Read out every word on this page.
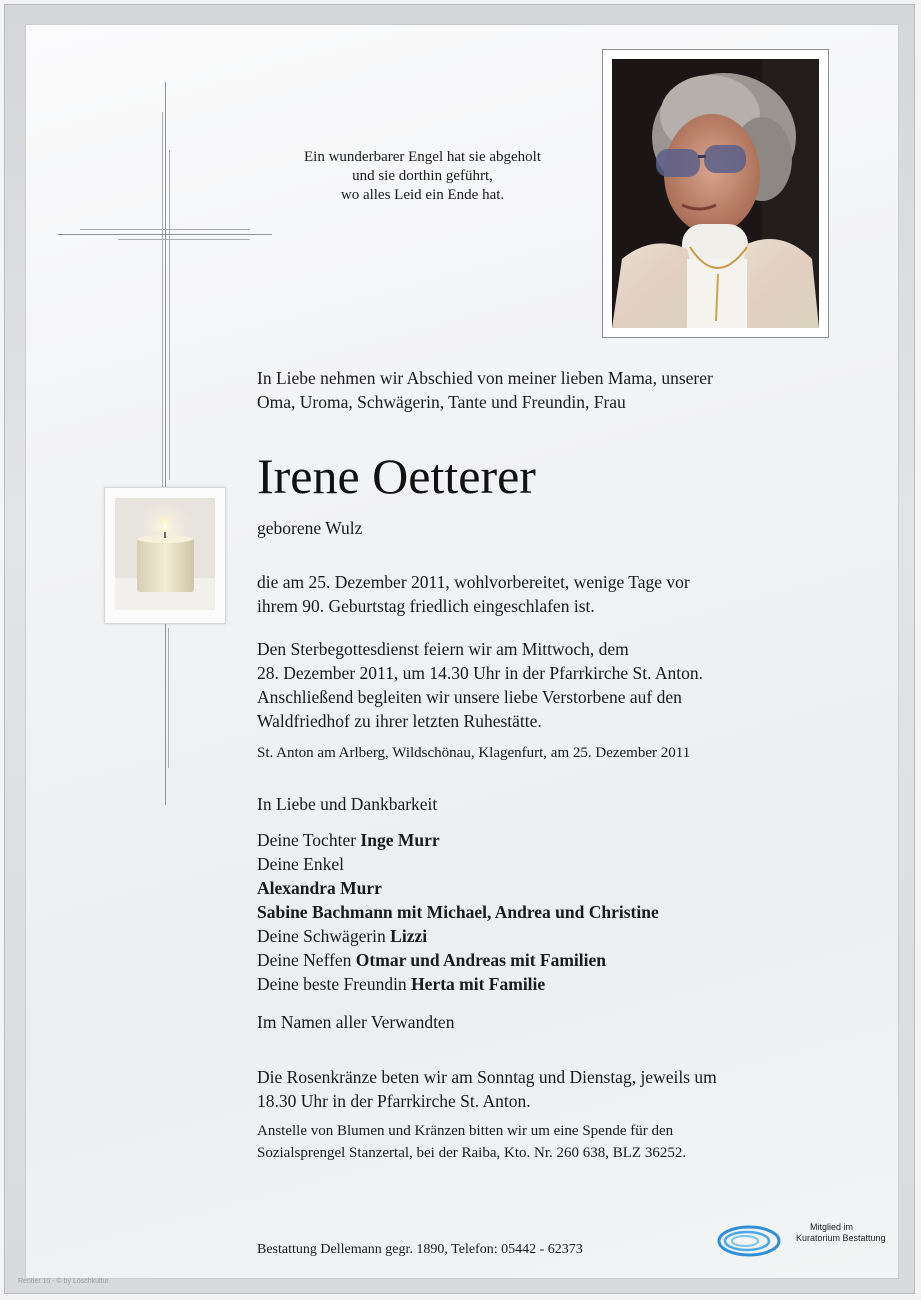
Ein wunderbarer Engel hat sie abgeholt
und sie dorthin geführt,
wo alles Leid ein Ende hat.
In Liebe nehmen wir Abschied von meiner lieben Mama, unserer
Oma, Uroma, Schwägerin, Tante und Freundin, Frau
Irene Oetterer
geborene Wulz
die am 25. Dezember 2011, wohlvorbereitet, wenige Tage vor
ihrem 90. Geburtstag friedlich eingeschlafen ist.
Den Sterbegottesdienst feiern wir am Mittwoch, dem
28. Dezember 2011, um 14.30 Uhr in der Pfarrkirche St. Anton.
Anschließend begleiten wir unsere liebe Verstorbene auf den
Waldfriedhof zu ihrer letzten Ruhestätte.
St. Anton am Arlberg, Wildschönau, Klagenfurt, am 25. Dezember 2011
In Liebe und Dankbarkeit
Deine Tochter Inge Murr
Deine Enkel
Alexandra Murr
Sabine Bachmann mit Michael, Andrea und Christine
Deine Schwägerin Lizzi
Deine Neffen Otmar und Andreas mit Familien
Deine beste Freundin Herta mit Familie
Im Namen aller Verwandten
Die Rosenkränze beten wir am Sonntag und Dienstag, jeweils um
18.30 Uhr in der Pfarrkirche St. Anton.
Anstelle von Blumen und Kränzen bitten wir um eine Spende für den
Sozialsprengel Stanzertal, bei der Raiba, Kto. Nr. 260 638, BLZ 36252.
Bestattung Dellemann gegr. 1890, Telefon: 05442 - 62373
Mitglied im
Kuratorium Bestattung
Rentier 10 - © by Löschkultur
